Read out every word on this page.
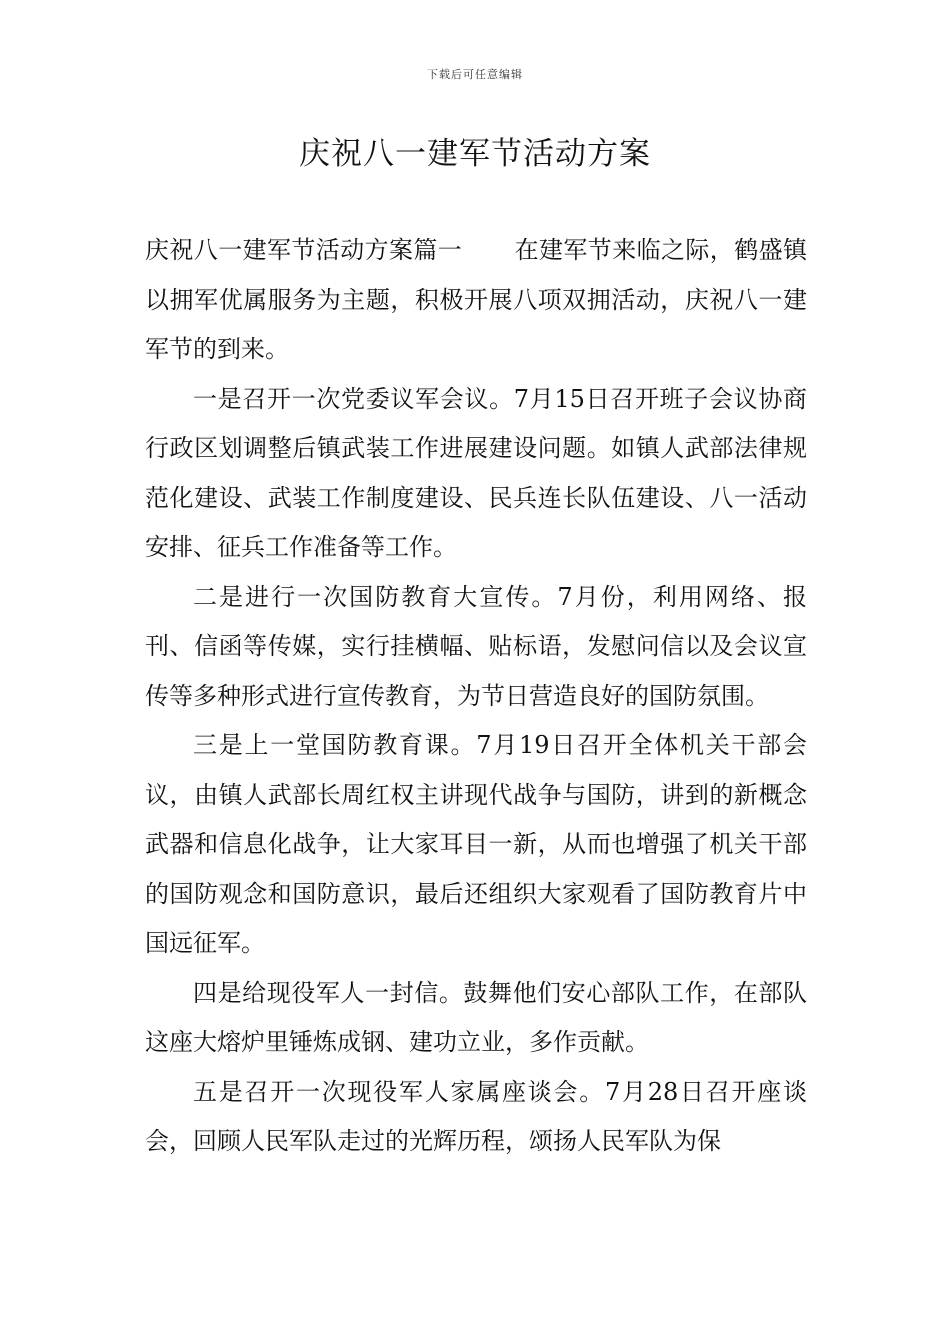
下载后可任意编辑
庆祝八一建军节活动方案

庆祝八一建军节活动方案篇一 在建军节来临之际，鹤盛镇以拥军优属服务为主题，积极开展八项双拥活动，庆祝八一建军节的到来。

一是召开一次党委议军会议。7月15日召开班子会议协商行政区划调整后镇武装工作进展建设问题。如镇人武部法律规范化建设、武装工作制度建设、民兵连长队伍建设、八一活动安排、征兵工作准备等工作。

二是进行一次国防教育大宣传。7月份，利用网络、报刊、信函等传媒，实行挂横幅、贴标语，发慰问信以及会议宣传等多种形式进行宣传教育，为节日营造良好的国防氛围。

三是上一堂国防教育课。7月19日召开全体机关干部会议，由镇人武部长周红权主讲现代战争与国防，讲到的新概念武器和信息化战争，让大家耳目一新，从而也增强了机关干部的国防观念和国防意识，最后还组织大家观看了国防教育片中国远征军。

四是给现役军人一封信。鼓舞他们安心部队工作，在部队这座大熔炉里锤炼成钢、建功立业，多作贡献。

五是召开一次现役军人家属座谈会。7月28日召开座谈会，回顾人民军队走过的光辉历程，颂扬人民军队为保
